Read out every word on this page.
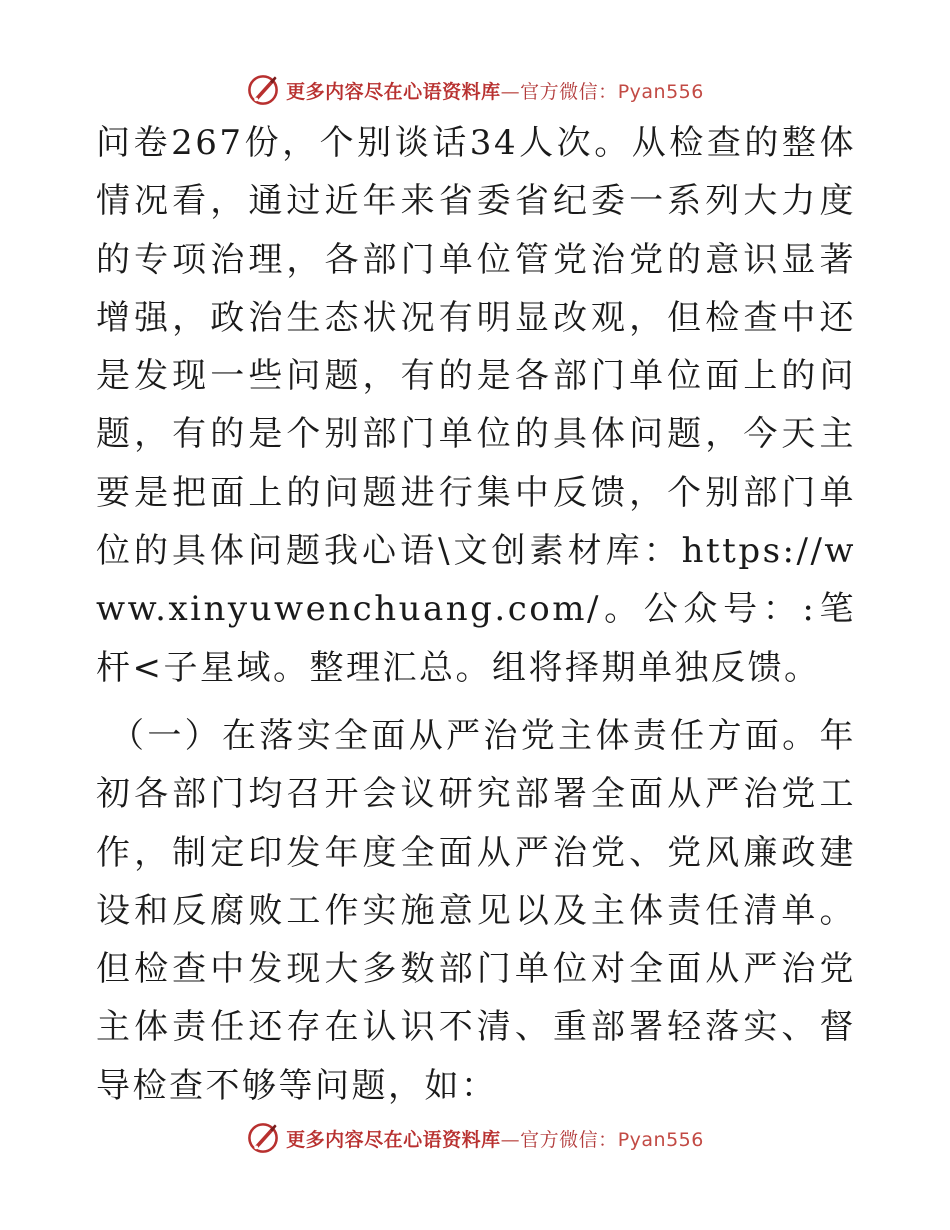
更多内容尽在心语资料库—官方微信：Pyan556

问卷267份，个别谈话34人次。从检查的整体情况看，通过近年来省委省纪委一系列大力度的专项治理，各部门单位管党治党的意识显著增强，政治生态状况有明显改观，但检查中还是发现一些问题，有的是各部门单位面上的问题，有的是个别部门单位的具体问题，今天主要是把面上的问题进行集中反馈，个别部门单位的具体问题我心语\文创素材库：https://www.xinyuwenchuang.com/。公众号：:笔杆<子星域。整理汇总。组将择期单独反馈。

（一）在落实全面从严治党主体责任方面。年初各部门均召开会议研究部署全面从严治党工作，制定印发年度全面从严治党、党风廉政建设和反腐败工作实施意见以及主体责任清单。但检查中发现大多数部门单位对全面从严治党主体责任还存在认识不清、重部署轻落实、督导检查不够等问题，如：

更多内容尽在心语资料库—官方微信：Pyan556
